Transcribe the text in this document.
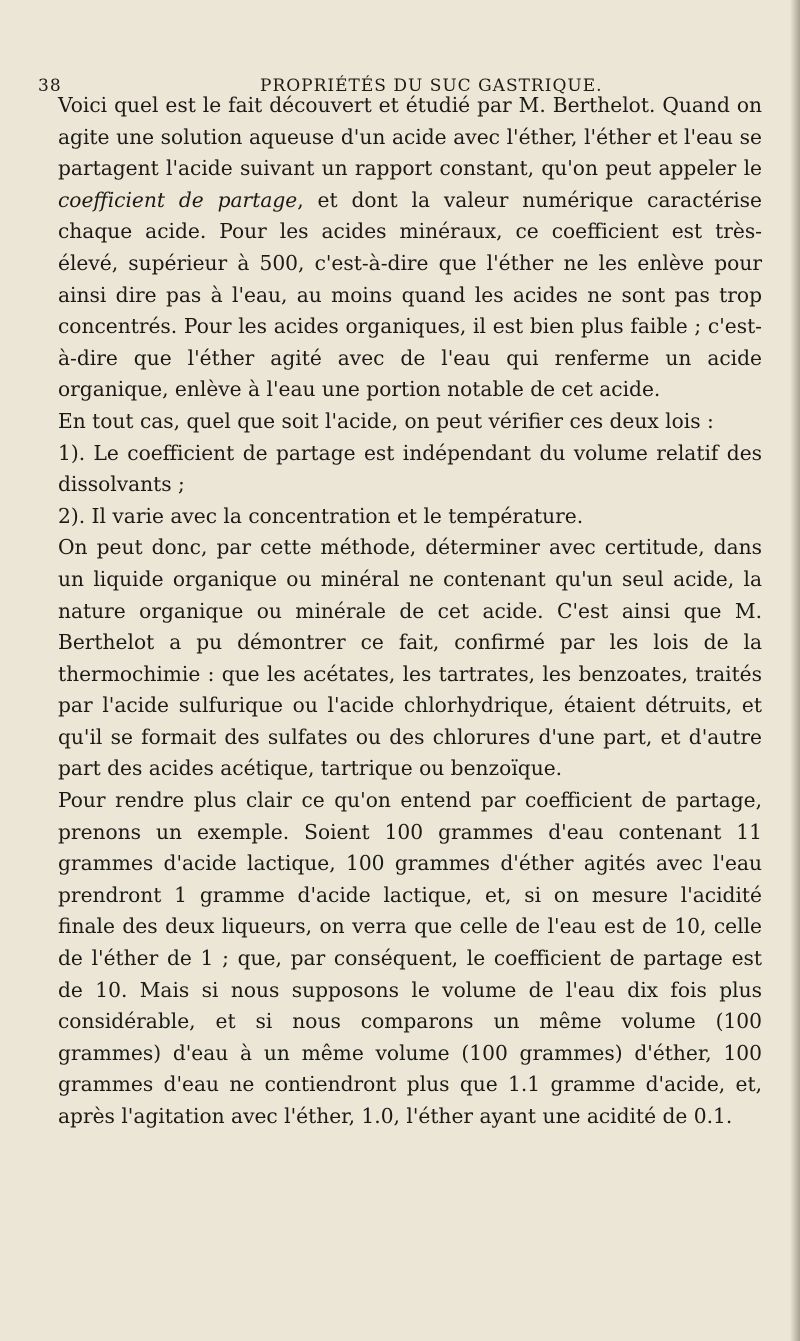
38	PROPRIÉTÉS DU SUC GASTRIQUE.

Voici quel est le fait découvert et étudié par M. Berthelot. Quand on agite une solution aqueuse d'un acide avec l'éther, l'éther et l'eau se partagent l'acide suivant un rapport constant, qu'on peut appeler le coefficient de partage, et dont la valeur numérique caractérise chaque acide. Pour les acides minéraux, ce coefficient est très-élevé, supérieur à 500, c'est-à-dire que l'éther ne les enlève pour ainsi dire pas à l'eau, au moins quand les acides ne sont pas trop concentrés. Pour les acides organiques, il est bien plus faible ; c'est-à-dire que l'éther agité avec de l'eau qui renferme un acide organique, enlève à l'eau une portion notable de cet acide.

En tout cas, quel que soit l'acide, on peut vérifier ces deux lois :

1). Le coefficient de partage est indépendant du volume relatif des dissolvants ;

2). Il varie avec la concentration et le température.

On peut donc, par cette méthode, déterminer avec certitude, dans un liquide organique ou minéral ne contenant qu'un seul acide, la nature organique ou minérale de cet acide. C'est ainsi que M. Berthelot a pu démontrer ce fait, confirmé par les lois de la thermochimie : que les acétates, les tartrates, les benzoates, traités par l'acide sulfurique ou l'acide chlorhydrique, étaient détruits, et qu'il se formait des sulfates ou des chlorures d'une part, et d'autre part des acides acétique, tartrique ou benzoïque.

Pour rendre plus clair ce qu'on entend par coefficient de partage, prenons un exemple. Soient 100 grammes d'eau contenant 11 grammes d'acide lactique, 100 grammes d'éther agités avec l'eau prendront 1 gramme d'acide lactique, et, si on mesure l'acidité finale des deux liqueurs, on verra que celle de l'eau est de 10, celle de l'éther de 1 ; que, par conséquent, le coefficient de partage est de 10. Mais si nous supposons le volume de l'eau dix fois plus considérable, et si nous comparons un même volume (100 grammes) d'eau à un même volume (100 grammes) d'éther, 100 grammes d'eau ne contiendront plus que 1.1 gramme d'acide, et, après l'agitation avec l'éther, 1.0, l'éther ayant une acidité de 0.1.
